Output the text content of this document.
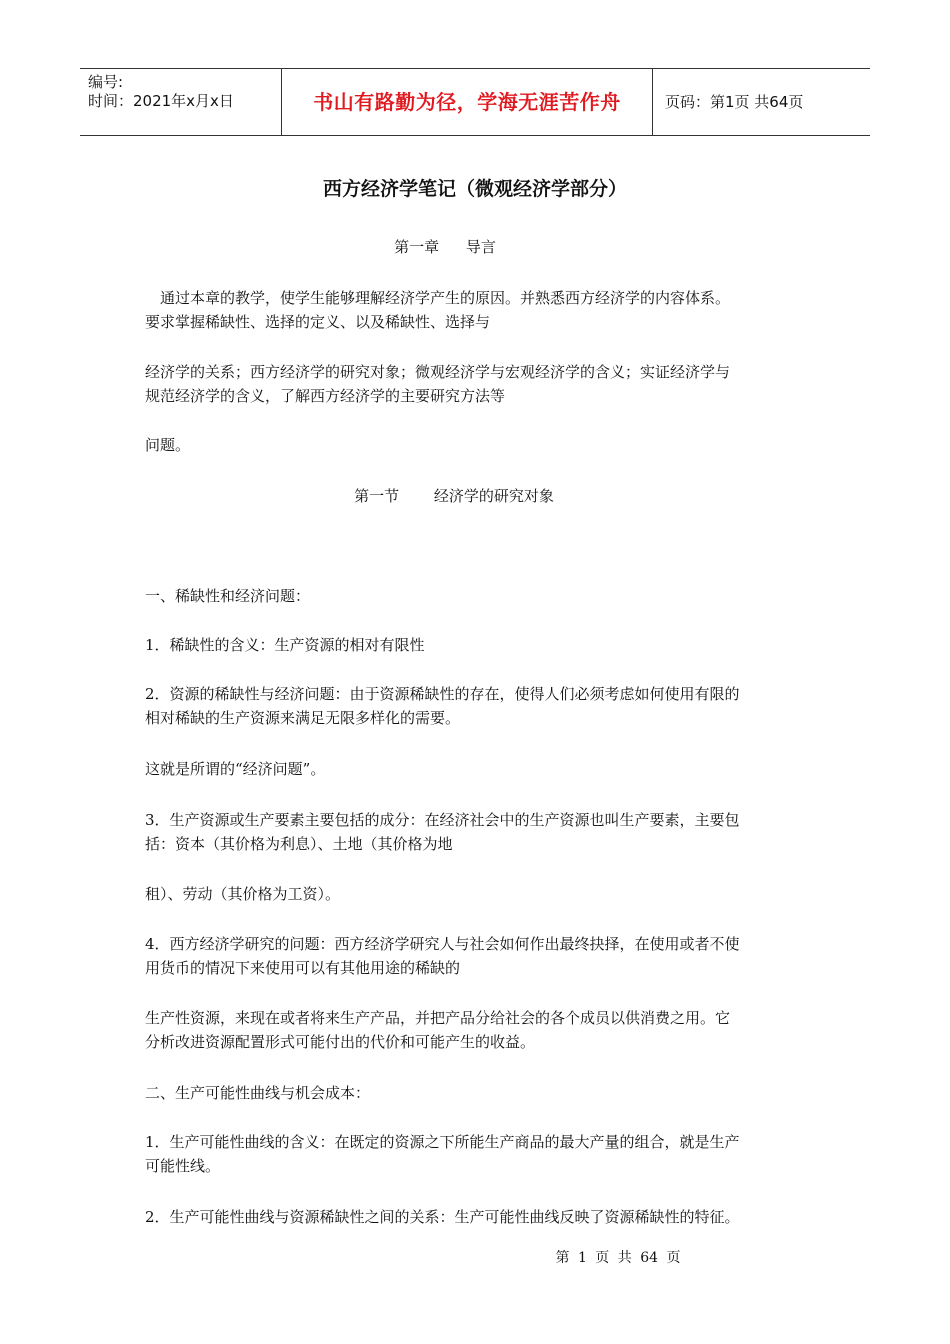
编号:
时间：2021年x月x日	书山有路勤为径，学海无涯苦作舟	页码：第1页 共64页
西方经济学笔记（微观经济学部分）
第一章 导言
　通过本章的教学，使学生能够理解经济学产生的原因。并熟悉西方经济学的内容体系。
要求掌握稀缺性、选择的定义、以及稀缺性、选择与
经济学的关系；西方经济学的研究对象；微观经济学与宏观经济学的含义；实证经济学与
规范经济学的含义，了解西方经济学的主要研究方法等
问题。
第一节 经济学的研究对象
一、稀缺性和经济问题：
1．稀缺性的含义：生产资源的相对有限性
2．资源的稀缺性与经济问题：由于资源稀缺性的存在，使得人们必须考虑如何使用有限的
相对稀缺的生产资源来满足无限多样化的需要。
这就是所谓的“经济问题”。
3．生产资源或生产要素主要包括的成分：在经济社会中的生产资源也叫生产要素，主要包
括：资本（其价格为利息）、土地（其价格为地
租）、劳动（其价格为工资）。
4．西方经济学研究的问题：西方经济学研究人与社会如何作出最终抉择，在使用或者不使
用货币的情况下来使用可以有其他用途的稀缺的
生产性资源，来现在或者将来生产产品，并把产品分给社会的各个成员以供消费之用。它
分析改进资源配置形式可能付出的代价和可能产生的收益。
二、生产可能性曲线与机会成本：
1．生产可能性曲线的含义：在既定的资源之下所能生产商品的最大产量的组合，就是生产
可能性线。
2．生产可能性曲线与资源稀缺性之间的关系：生产可能性曲线反映了资源稀缺性的特征。
第 1 页 共 64 页
